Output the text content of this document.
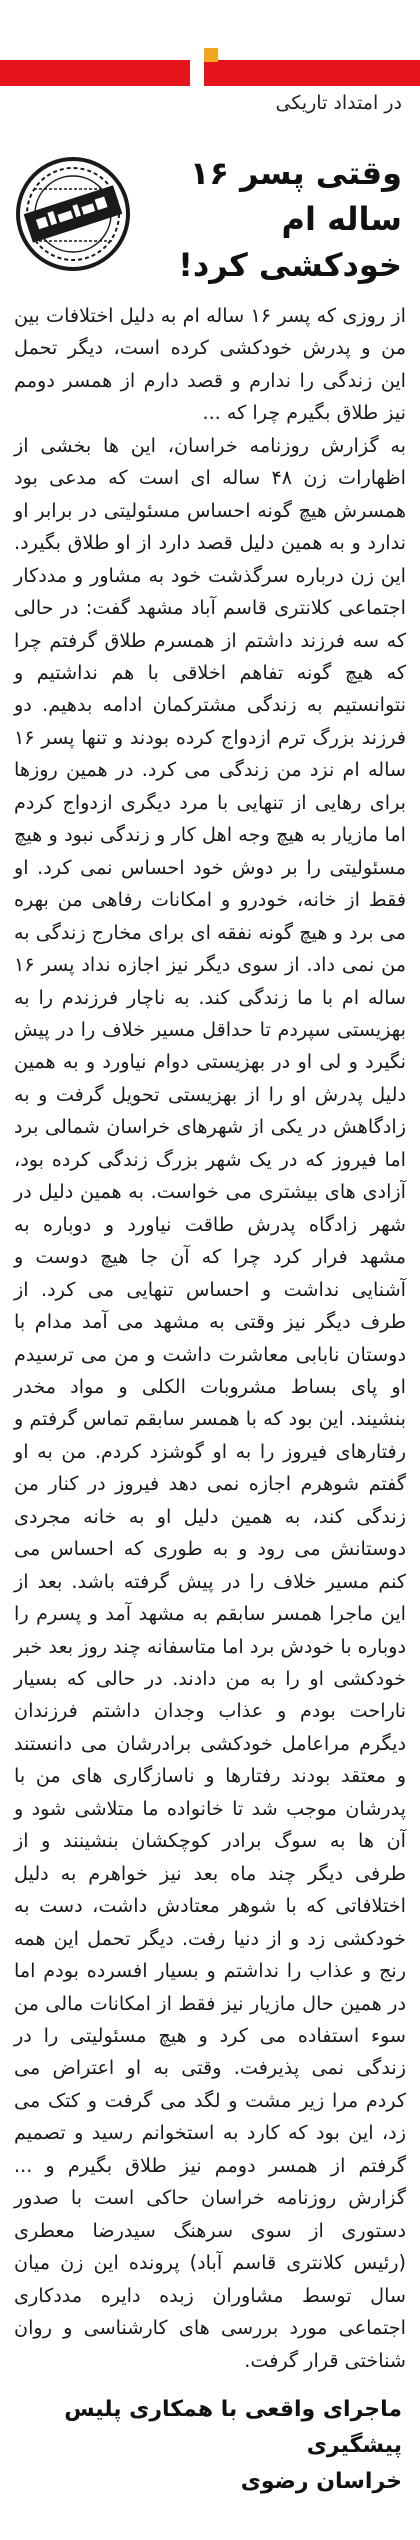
در امتداد تاریکی
وقتی پسر ۱۶ ساله ام
خودکشی کرد!

از روزی که پسر ۱۶ ساله ام به دلیل اختلافات بین من و پدرش خودکشی کرده است، دیگر تحمل این زندگی را ندارم و قصد دارم از همسر دومم نیز طلاق بگیرم چرا که ...

به گزارش روزنامه خراسان، این ها بخشی از اظهارات زن ۴۸ ساله ای است که مدعی بود همسرش هیچ گونه احساس مسئولیتی در برابر او ندارد و به همین دلیل قصد دارد از او طلاق بگیرد. این زن درباره سرگذشت خود به مشاور و مددکار اجتماعی کلانتری قاسم آباد مشهد گفت: در حالی که سه فرزند داشتم از همسرم طلاق گرفتم چرا که هیچ گونه تفاهم اخلاقی با هم نداشتیم و نتوانستیم به زندگی مشترکمان ادامه بدهیم. دو فرزند بزرگ ترم ازدواج کرده بودند و تنها پسر ۱۶ ساله ام نزد من زندگی می کرد. در همین روزها برای رهایی از تنهایی با مرد دیگری ازدواج کردم اما مازیار به هیچ وجه اهل کار و زندگی نبود و هیچ مسئولیتی را بر دوش خود احساس نمی کرد. او فقط از خانه، خودرو و امکانات رفاهی من بهره می برد و هیچ گونه نفقه ای برای مخارج زندگی به من نمی داد. از سوی دیگر نیز اجازه نداد پسر ۱۶ ساله ام با ما زندگی کند. به ناچار فرزندم را به بهزیستی سپردم تا حداقل مسیر خلاف را در پیش نگیرد و لی او در بهزیستی دوام نیاورد و به همین دلیل پدرش او را از بهزیستی تحویل گرفت و به زادگاهش در یکی از شهرهای خراسان شمالی برد اما فیروز که در یک شهر بزرگ زندگی کرده بود، آزادی های بیشتری می خواست. به همین دلیل در شهر زادگاه پدرش طاقت نیاورد و دوباره به مشهد فرار کرد چرا که آن جا هیچ دوست و آشنایی نداشت و احساس تنهایی می کرد. از طرف دیگر نیز وقتی به مشهد می آمد مدام با دوستان نابابی معاشرت داشت و من می ترسیدم او پای بساط مشروبات الکلی و مواد مخدر بنشیند. این بود که با همسر سابقم تماس گرفتم و رفتارهای فیروز را به او گوشزد کردم. من به او گفتم شوهرم اجازه نمی دهد فیروز در کنار من زندگی کند، به همین دلیل او به خانه مجردی دوستانش می رود و به طوری که احساس می کنم مسیر خلاف را در پیش گرفته باشد. بعد از این ماجرا همسر سابقم به مشهد آمد و پسرم را دوباره با خودش برد اما متاسفانه چند روز بعد خبر خودکشی او را به من دادند. در حالی که بسیار ناراحت بودم و عذاب وجدان داشتم فرزندان دیگرم مراعامل خودکشی برادرشان می دانستند و معتقد بودند رفتارها و ناسازگاری های من با پدرشان موجب شد تا خانواده ما متلاشی شود و آن ها به سوگ برادر کوچکشان بنشینند و از طرفی دیگر چند ماه بعد نیز خواهرم به دلیل اختلافاتی که با شوهر معتادش داشت، دست به خودکشی زد و از دنیا رفت. دیگر تحمل این همه رنج و عذاب را نداشتم و بسیار افسرده بودم اما در همین حال مازیار نیز فقط از امکانات مالی من سوء استفاده می کرد و هیچ مسئولیتی را در زندگی نمی پذیرفت. وقتی به او اعتراض می کردم مرا زیر مشت و لگد می گرفت و کتک می زد، این بود که کارد به استخوانم رسید و تصمیم گرفتم از همسر دومم نیز طلاق بگیرم و ... گزارش روزنامه خراسان حاکی است با صدور دستوری از سوی سرهنگ سیدرضا معطری (رئیس کلانتری قاسم آباد) پرونده این زن میان سال توسط مشاوران زبده دایره مددکاری اجتماعی مورد بررسی های کارشناسی و روان شناختی قرار گرفت.

ماجرای واقعی با همکاری پلیس پیشگیری
خراسان رضوی
